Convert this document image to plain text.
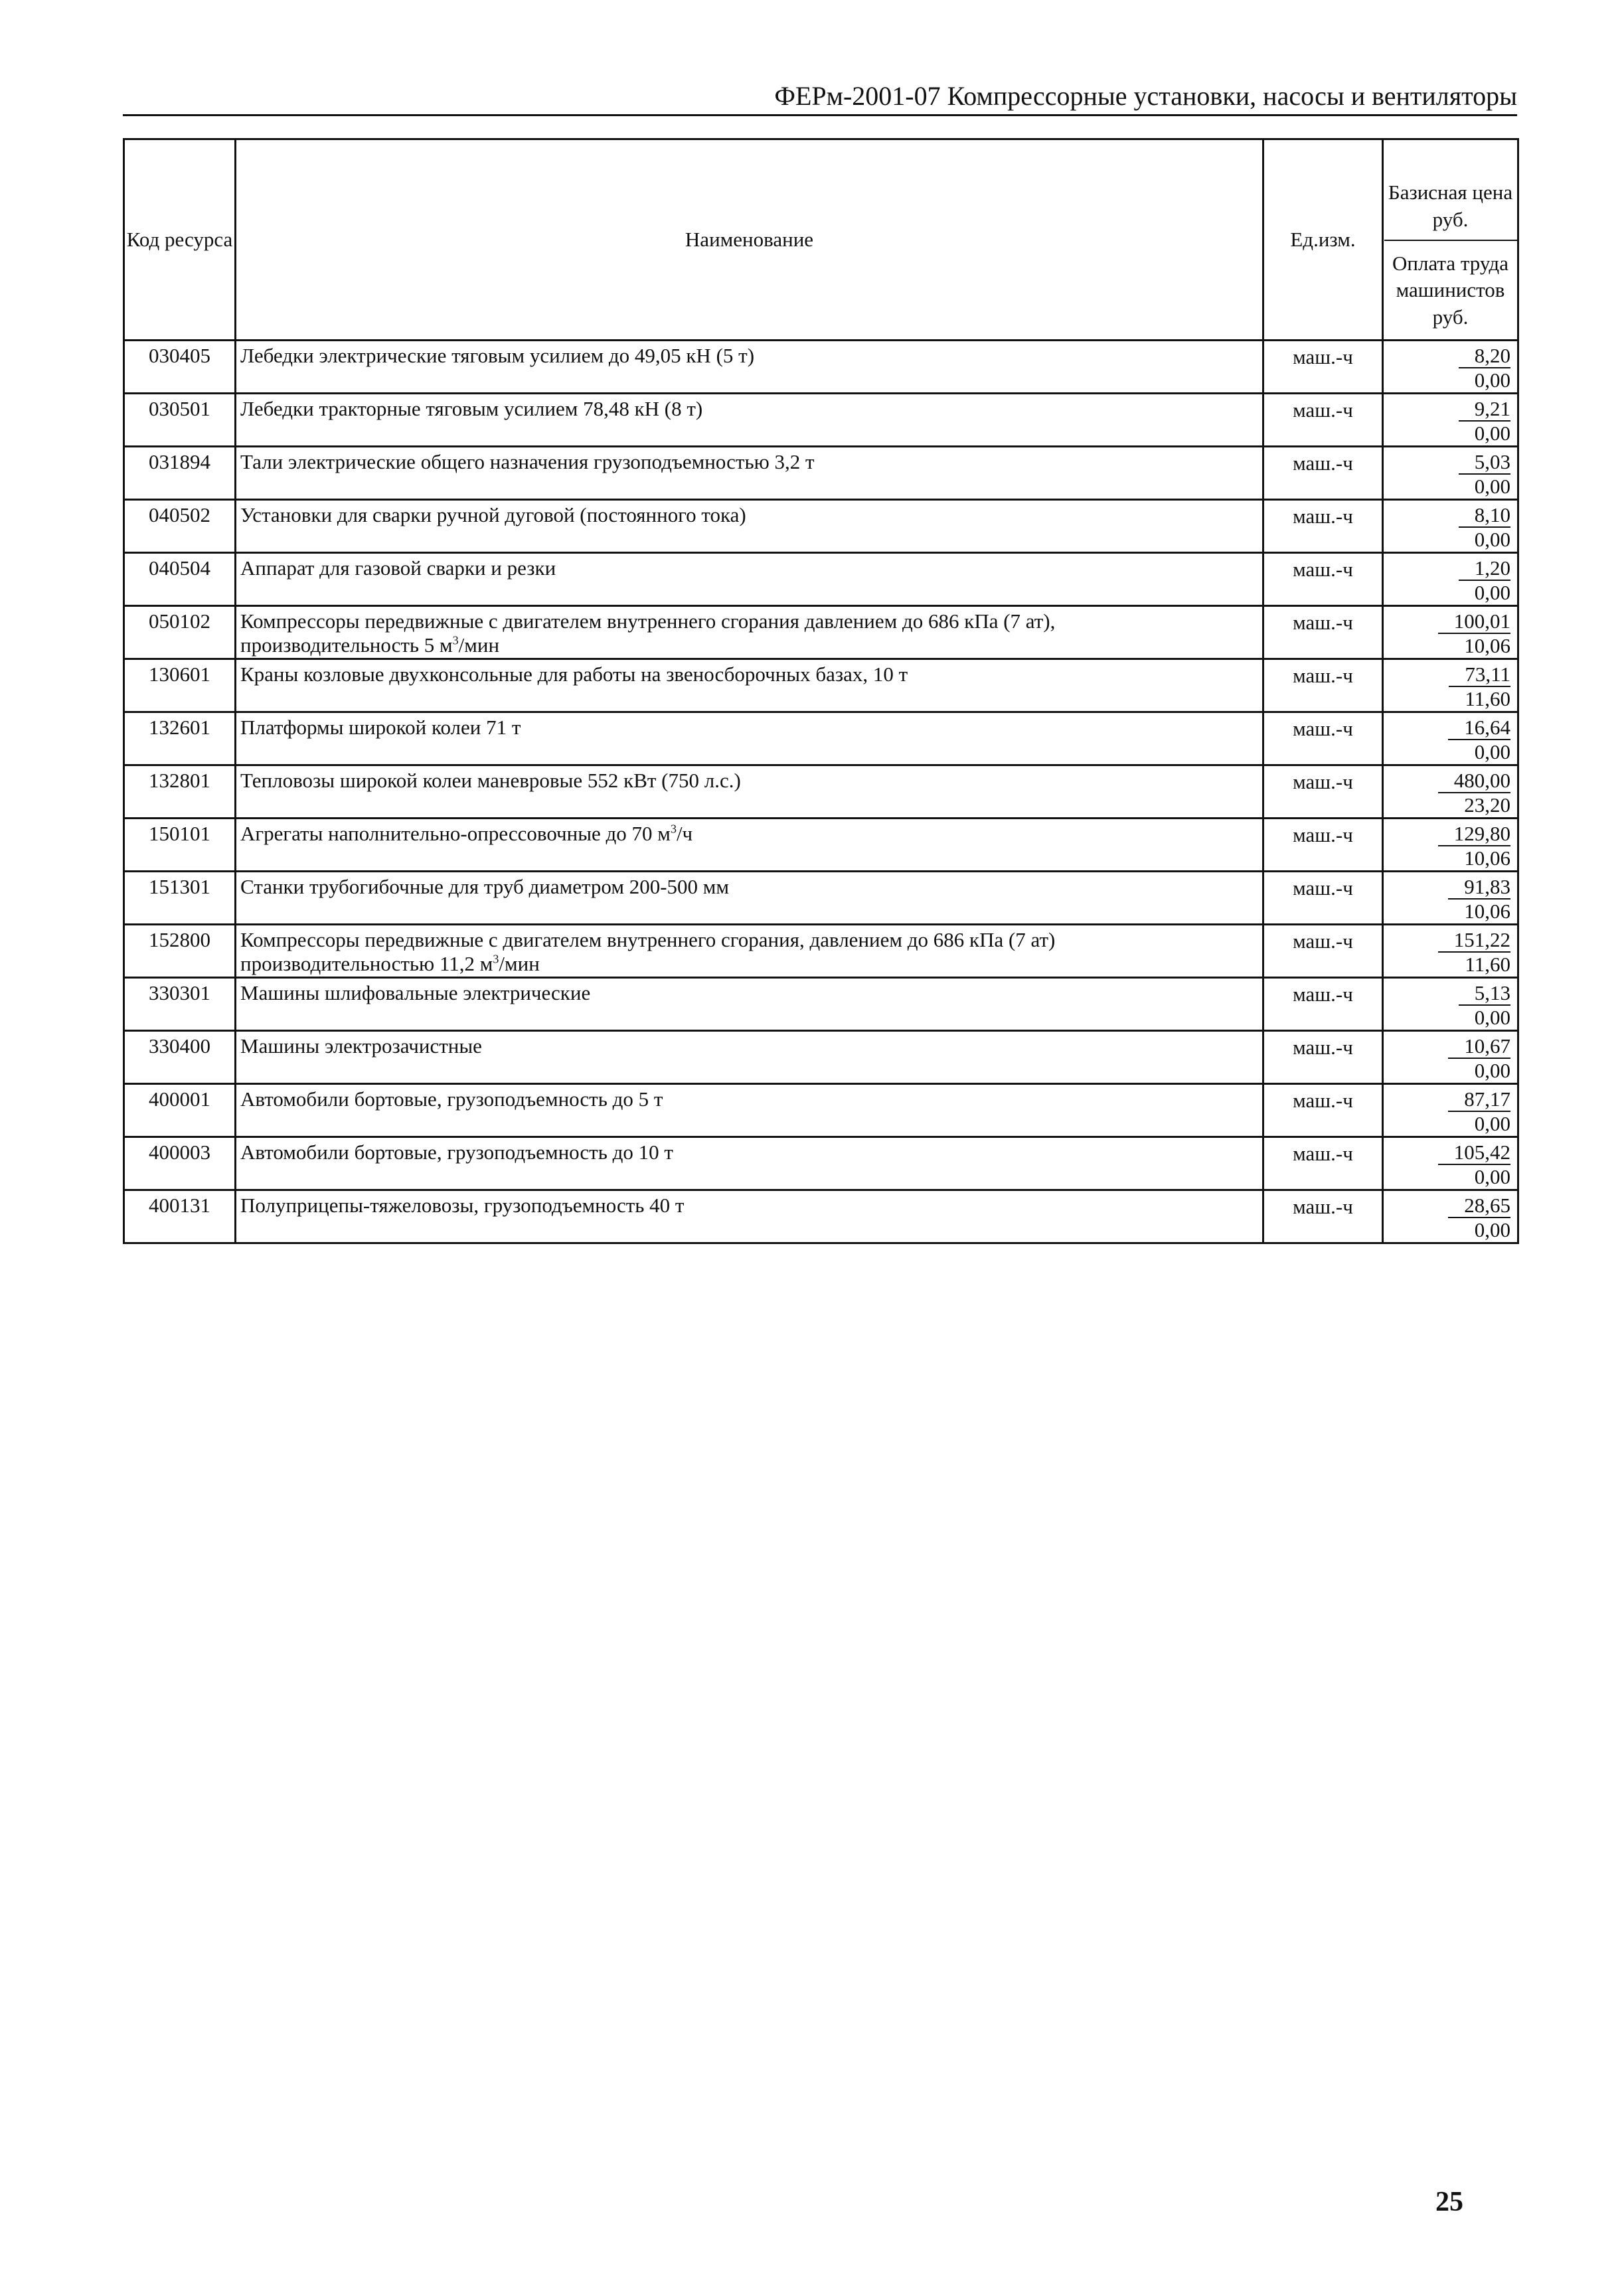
ФЕРм-2001-07 Компрессорные установки, насосы и вентиляторы
Код ресурса	Наименование	Ед.изм.	Базисная цена руб.
Оплата труда машинистов руб.

030405	Лебедки электрические тяговым усилием до 49,05 кН (5 т)	маш.-ч	8,20
0,00
030501	Лебедки тракторные тяговым усилием 78,48 кН (8 т)	маш.-ч	9,21
0,00
031894	Тали электрические общего назначения грузоподъемностью 3,2 т	маш.-ч	5,03
0,00
040502	Установки для сварки ручной дуговой (постоянного тока)	маш.-ч	8,10
0,00
040504	Аппарат для газовой сварки и резки	маш.-ч	1,20
0,00
050102	Компрессоры передвижные с двигателем внутреннего сгорания давлением до 686 кПа (7 ат),
производительность 5 $м^3$/мин	маш.-ч	100,01
10,06
130601	Краны козловые двухконсольные для работы на звеносборочных базах, 10 т	маш.-ч	73,11
11,60
132601	Платформы широкой колеи 71 т	маш.-ч	16,64
0,00
132801	Тепловозы широкой колеи маневровые 552 кВт (750 л.с.)	маш.-ч	480,00
23,20
150101	Агрегаты наполнительно-опрессовочные до 70 $м^3/ч$	маш.-ч	129,80
10,06
151301	Станки трубогибочные для труб диаметром 200-500 мм	маш.-ч	91,83
10,06
152800	Компрессоры передвижные с двигателем внутреннего сгорания, давлением до 686 кПа (7 ат)
производительностью 11,2 $м^3$/мин	маш.-ч	151,22
11,60
330301	Машины шлифовальные электрические	маш.-ч	5,13
0,00
330400	Машины электрозачистные	маш.-ч	10,67
0,00
400001	Автомобили бортовые, грузоподъемность до 5 т	маш.-ч	87,17
0,00
400003	Автомобили бортовые, грузоподъемность до 10 т	маш.-ч	105,42
0,00
400131	Полуприцепы-тяжеловозы, грузоподъемность 40 т	маш.-ч	28,65
0,00
25
